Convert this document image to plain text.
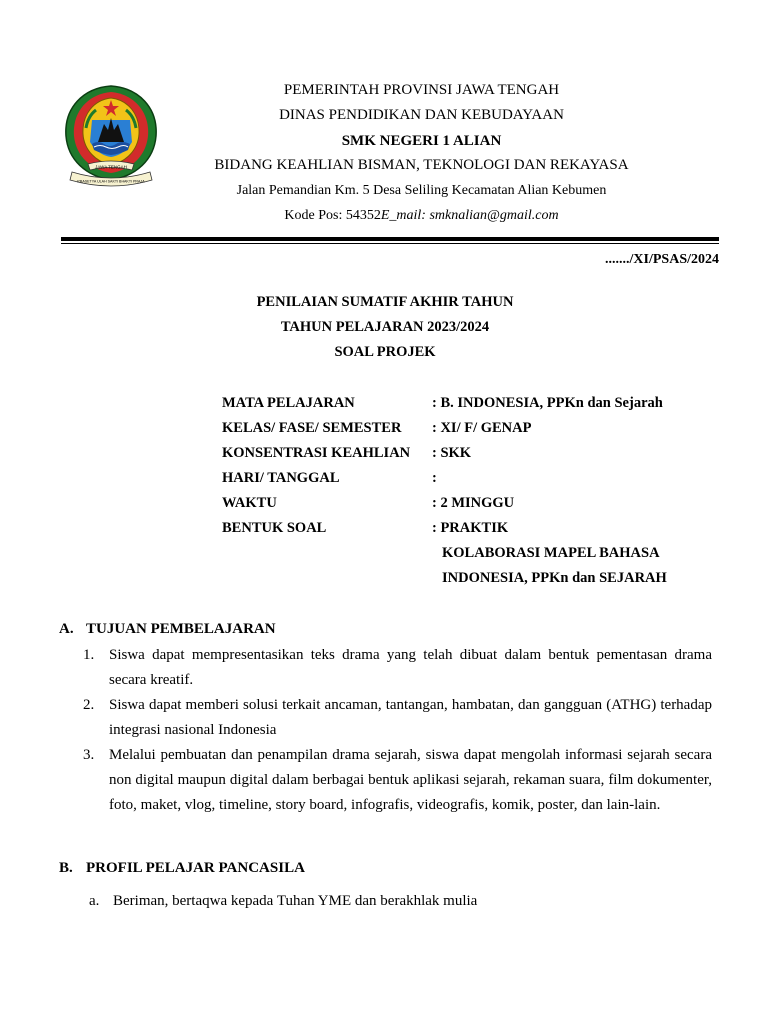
JAWA TENGAH
PRASETYA ULAH SAKTI BHAKTI PRAJA
PEMERINTAH PROVINSI JAWA TENGAH
DINAS PENDIDIKAN DAN KEBUDAYAAN
SMK NEGERI 1 ALIAN
BIDANG KEAHLIAN BISMAN, TEKNOLOGI DAN REKAYASA
Jalan Pemandian Km. 5 Desa Seliling Kecamatan Alian Kebumen
Kode Pos: 54352E_mail: smknalian@gmail.com
......./XI/PSAS/2024
PENILAIAN SUMATIF AKHIR TAHUN
TAHUN PELAJARAN 2023/2024
SOAL PROJEK
MATA PELAJARAN	: B. INDONESIA, PPKn dan Sejarah
KELAS/ FASE/ SEMESTER : XI/ F/ GENAP
KONSENTRASI KEAHLIAN : SKK
HARI/ TANGGAL	:
WAKTU	: 2 MINGGU
BENTUK SOAL	: PRAKTIK
KOLABORASI MAPEL BAHASA
INDONESIA, PPKn dan SEJARAH
A. TUJUAN PEMBELAJARAN
1. Siswa dapat mempresentasikan teks drama yang telah dibuat dalam bentuk pementasan drama secara kreatif.
2. Siswa dapat memberi solusi terkait ancaman, tantangan, hambatan, dan gangguan (ATHG) terhadap integrasi nasional Indonesia
3. Melalui pembuatan dan penampilan drama sejarah, siswa dapat mengolah informasi sejarah secara non digital maupun digital dalam berbagai bentuk aplikasi sejarah, rekaman suara, film dokumenter, foto, maket, vlog, timeline, story board, infografis, videografis, komik, poster, dan lain-lain.
B. PROFIL PELAJAR PANCASILA
a. Beriman, bertaqwa kepada Tuhan YME dan berakhlak mulia
